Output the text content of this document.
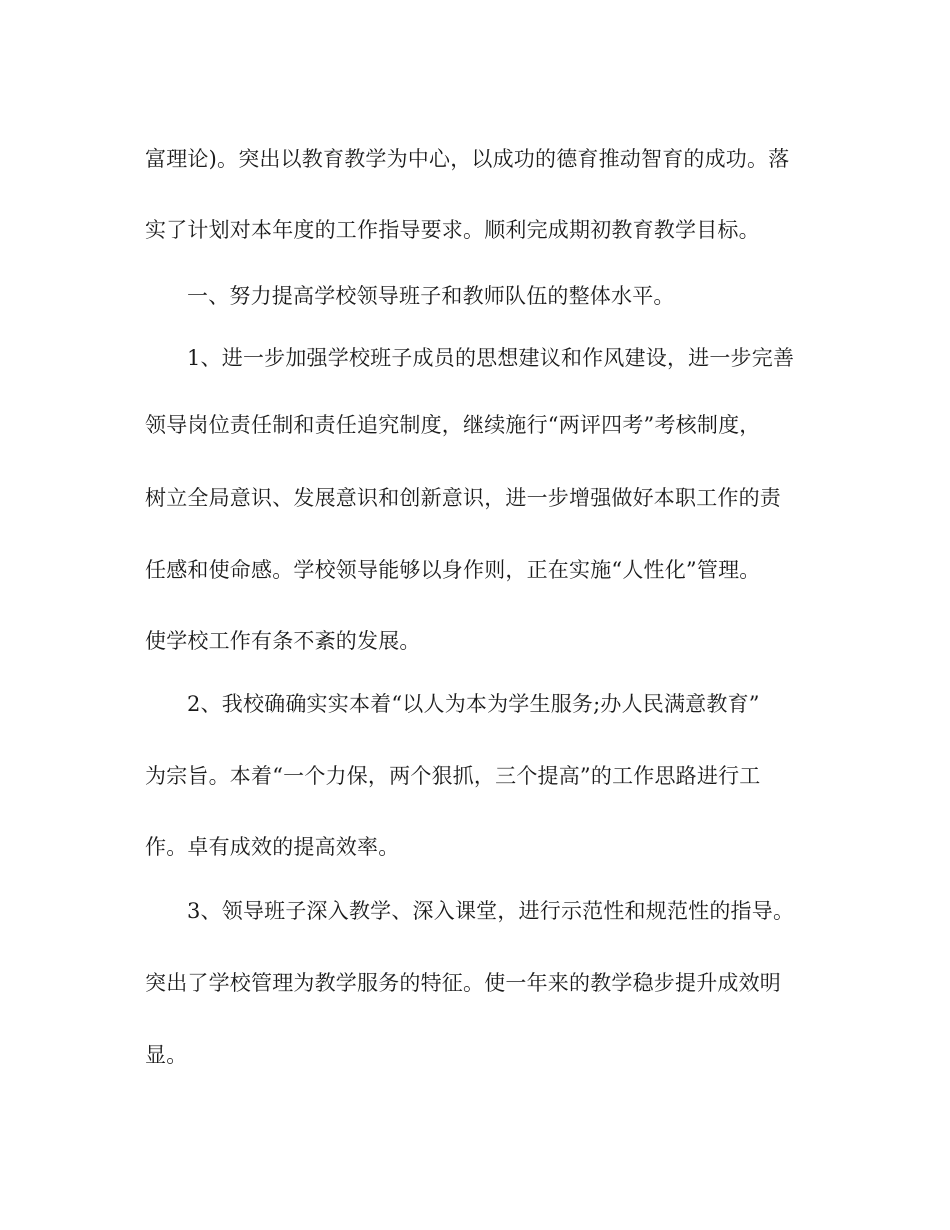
富理论)。突出以教育教学为中心，以成功的德育推动智育的成功。落
实了计划对本年度的工作指导要求。顺利完成期初教育教学目标。
一、努力提高学校领导班子和教师队伍的整体水平。
1、进一步加强学校班子成员的思想建议和作风建设，进一步完善
领导岗位责任制和责任追究制度，继续施行“两评四考”考核制度，
树立全局意识、发展意识和创新意识，进一步增强做好本职工作的责
任感和使命感。学校领导能够以身作则，正在实施“人性化”管理。
使学校工作有条不紊的发展。
2、我校确确实实本着“以人为本为学生服务;办人民满意教育”
为宗旨。本着“一个力保，两个狠抓，三个提高”的工作思路进行工
作。卓有成效的提高效率。
3、领导班子深入教学、深入课堂，进行示范性和规范性的指导。
突出了学校管理为教学服务的特征。使一年来的教学稳步提升成效明
显。
